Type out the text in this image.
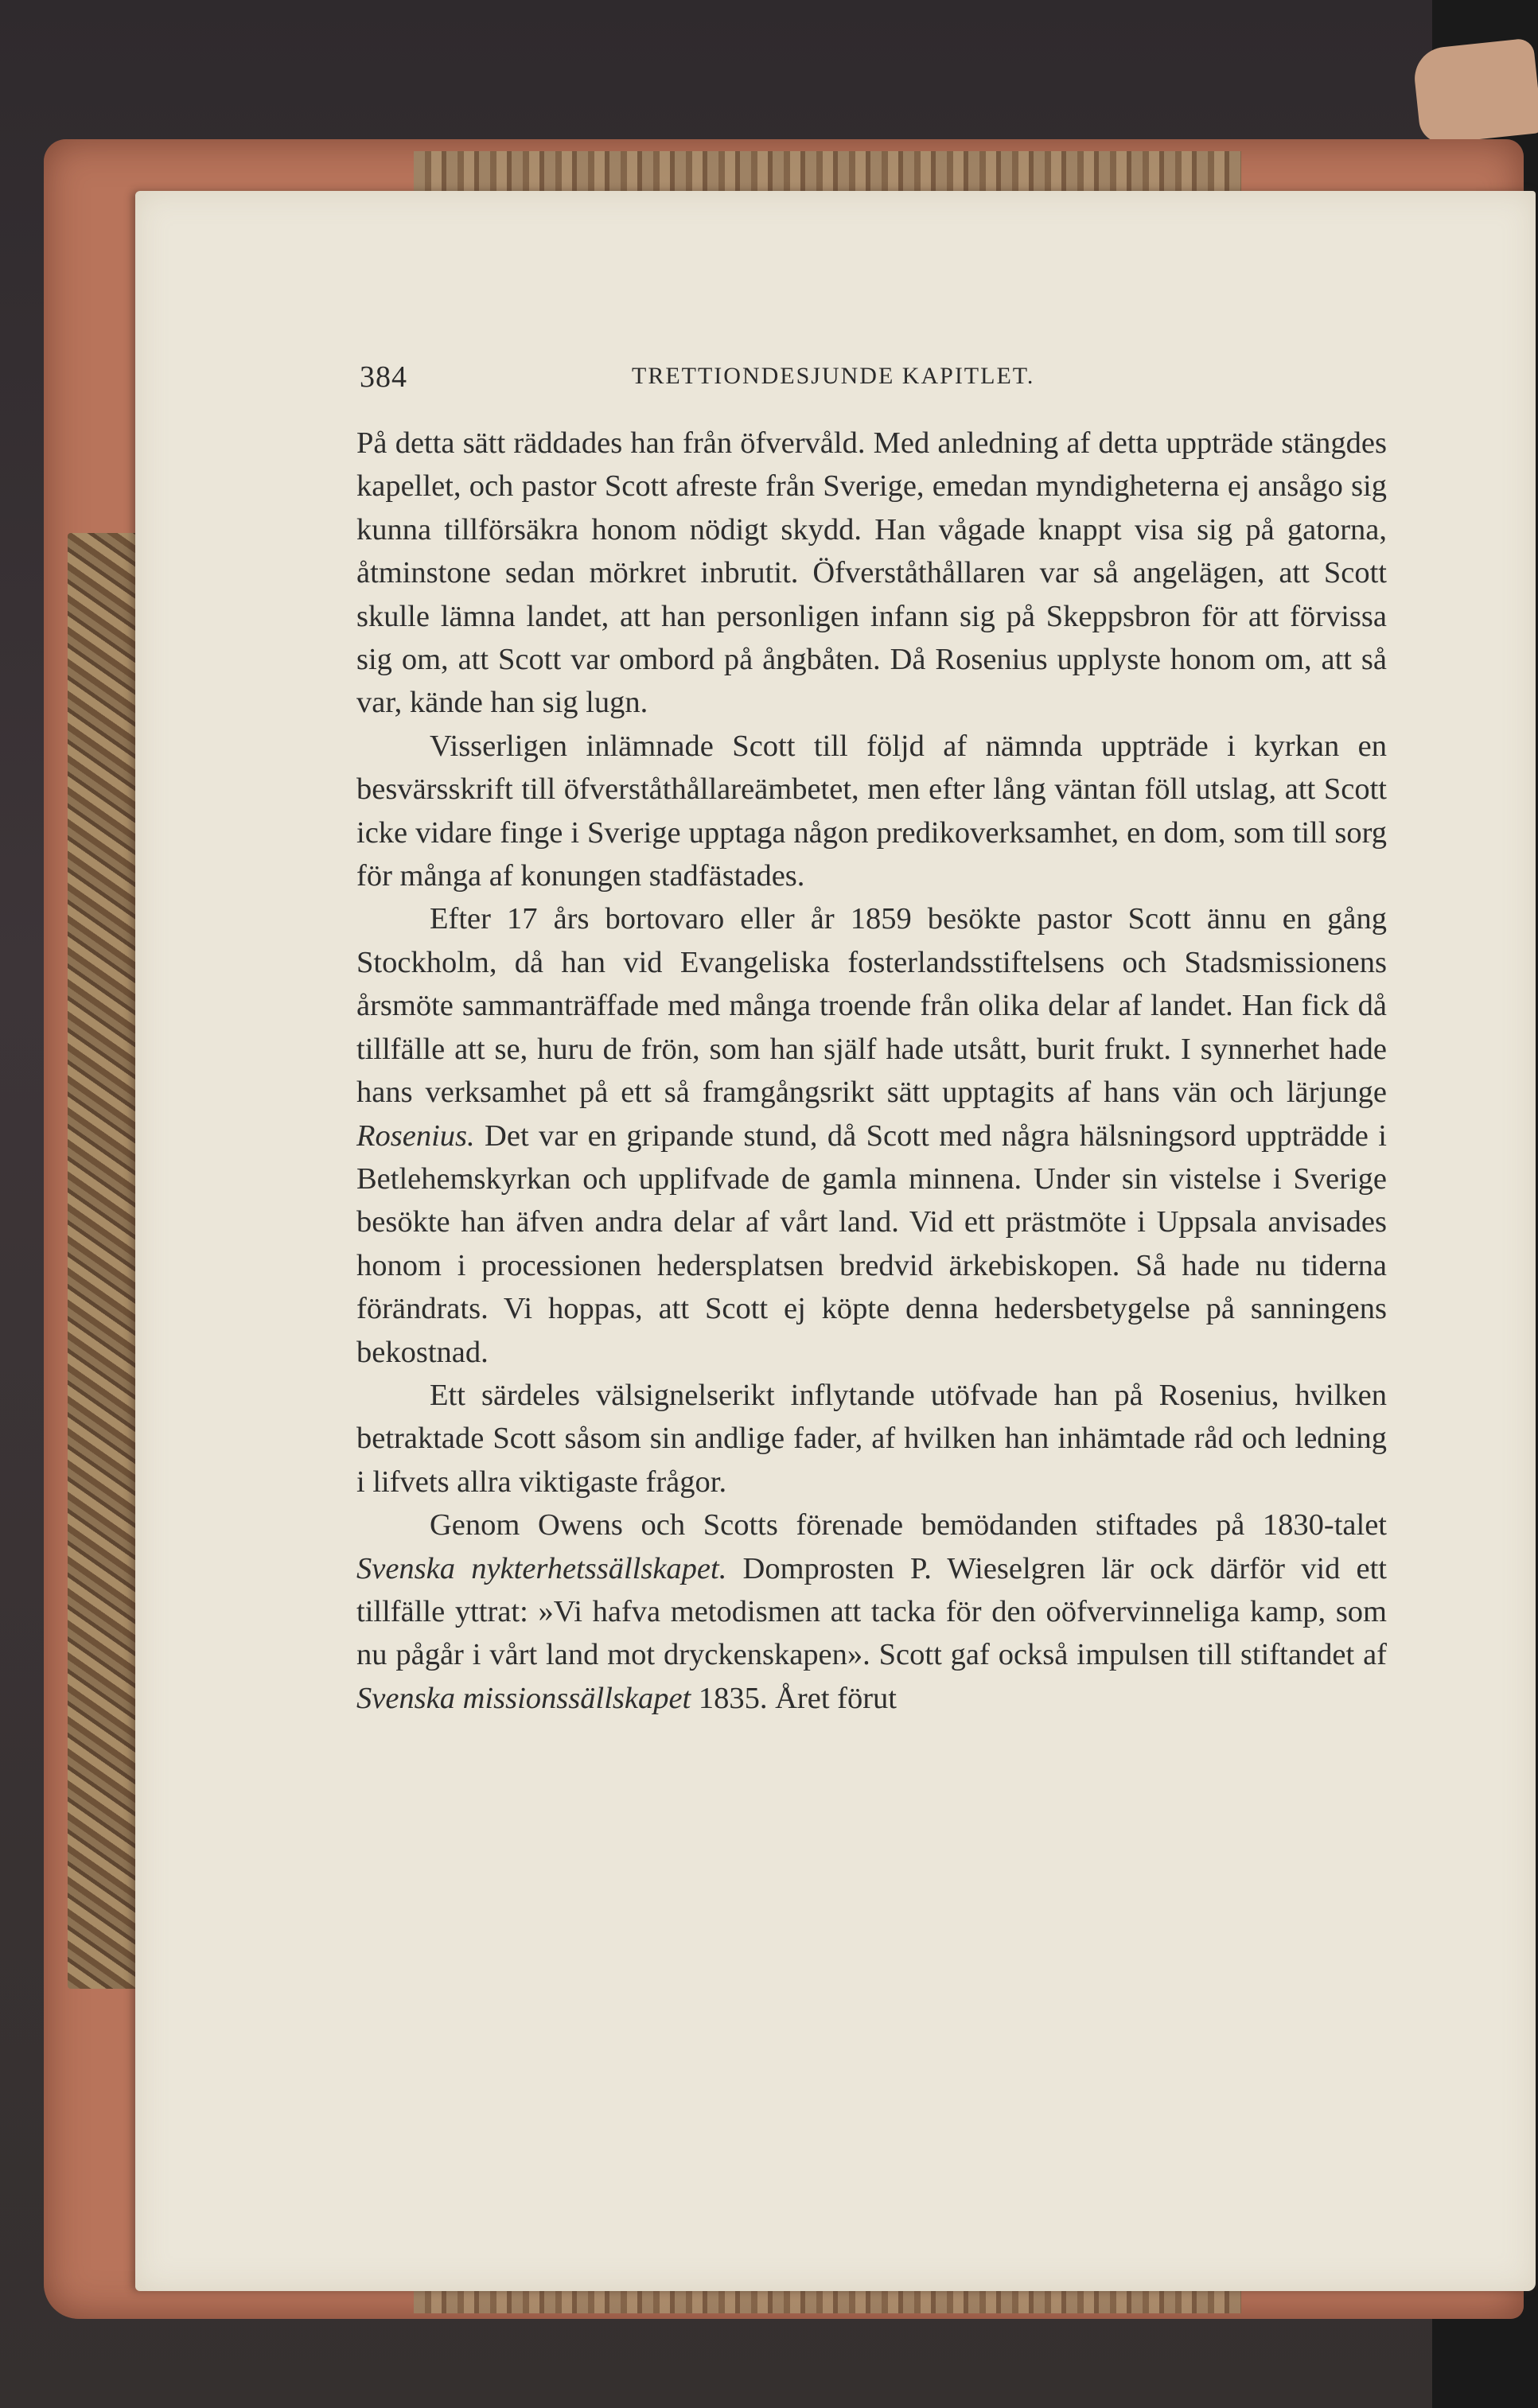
384	TRETTIONDESJUNDE KAPITLET.

På detta sätt räddades han från öfvervåld. Med anledning af detta uppträde stängdes kapellet, och pastor Scott afreste från Sverige, emedan myndigheterna ej ansågo sig kunna tillförsäkra honom nödigt skydd. Han vågade knappt visa sig på gatorna, åtminstone sedan mörkret inbrutit. Öfverståthållaren var så angelägen, att Scott skulle lämna landet, att han personligen infann sig på Skeppsbron för att förvissa sig om, att Scott var ombord på ångbåten. Då Rosenius upplyste honom om, att så var, kände han sig lugn.

Visserligen inlämnade Scott till följd af nämnda uppträde i kyrkan en besvärsskrift till öfverståthållareämbetet, men efter lång väntan föll utslag, att Scott icke vidare finge i Sverige upptaga någon predikoverksamhet, en dom, som till sorg för många af konungen stadfästades.

Efter 17 års bortovaro eller år 1859 besökte pastor Scott ännu en gång Stockholm, då han vid Evangeliska fosterlandsstiftelsens och Stadsmissionens årsmöte sammanträffade med många troende från olika delar af landet. Han fick då tillfälle att se, huru de frön, som han själf hade utsått, burit frukt. I synnerhet hade hans verksamhet på ett så framgångsrikt sätt upptagits af hans vän och lärjunge Rosenius. Det var en gripande stund, då Scott med några hälsningsord uppträdde i Betlehemskyrkan och upplifvade de gamla minnena. Under sin vistelse i Sverige besökte han äfven andra delar af vårt land. Vid ett prästmöte i Uppsala anvisades honom i processionen hedersplatsen bredvid ärkebiskopen. Så hade nu tiderna förändrats. Vi hoppas, att Scott ej köpte denna hedersbetygelse på sanningens bekostnad.

Ett särdeles välsignelserikt inflytande utöfvade han på Rosenius, hvilken betraktade Scott såsom sin andlige fader, af hvilken han inhämtade råd och ledning i lifvets allra viktigaste frågor.

Genom Owens och Scotts förenade bemödanden stiftades på 1830-talet Svenska nykterhetssällskapet. Domprosten P. Wieselgren lär ock därför vid ett tillfälle yttrat: »Vi hafva metodismen att tacka för den oöfvervinneliga kamp, som nu pågår i vårt land mot dryckenskapen». Scott gaf också impulsen till stiftandet af Svenska missionssällskapet 1835. Året förut
